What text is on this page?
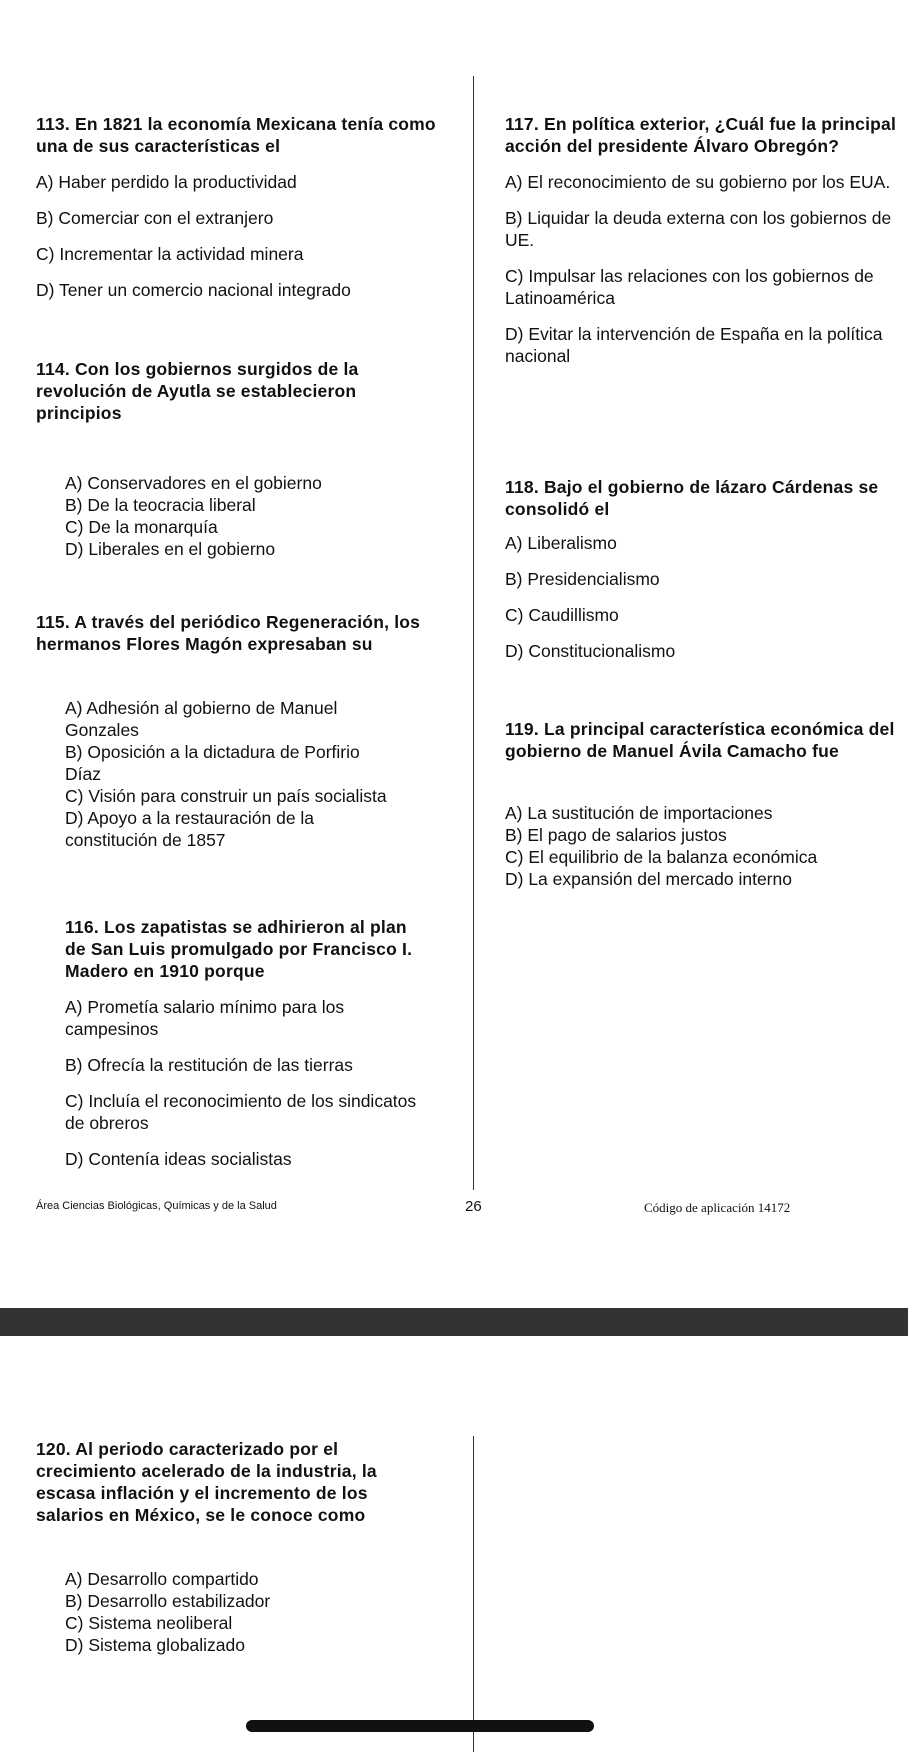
113. En 1821 la economía Mexicana tenía como una de sus características el

A) Haber perdido la productividad

B) Comerciar con el extranjero

C) Incrementar la actividad minera

D) Tener un comercio nacional integrado

114. Con los gobiernos surgidos de la revolución de Ayutla se establecieron principios

A) Conservadores en el gobierno

B) De la teocracia liberal

C) De la monarquía

D) Liberales en el gobierno

115. A través del periódico Regeneración, los hermanos Flores Magón expresaban su

A) Adhesión al gobierno de Manuel Gonzales

B) Oposición a la dictadura de Porfirio Díaz

C) Visión para construir un país socialista

D) Apoyo a la restauración de la constitución de 1857

116. Los zapatistas se adhirieron al plan de San Luis promulgado por Francisco I. Madero en 1910 porque

A) Prometía salario mínimo para los campesinos

B) Ofrecía la restitución de las tierras

C) Incluía el reconocimiento de los sindicatos de obreros

D) Contenía ideas socialistas

117. En política exterior, ¿Cuál fue la principal acción del presidente Álvaro Obregón?

A) El reconocimiento de su gobierno por los EUA.

B) Liquidar la deuda externa con los gobiernos de UE.

C) Impulsar las relaciones con los gobiernos de Latinoamérica

D) Evitar la intervención de España en la política nacional

118. Bajo el gobierno de lázaro Cárdenas se consolidó el

A) Liberalismo

B) Presidencialismo

C) Caudillismo

D) Constitucionalismo

119. La principal característica económica del gobierno de Manuel Ávila Camacho fue

A) La sustitución de importaciones

B) El pago de salarios justos

C) El equilibrio de la balanza económica

D) La expansión del mercado interno

Área Ciencias Biológicas, Químicas y de la Salud	26	Código de aplicación 14172

120. Al periodo caracterizado por el crecimiento acelerado de la industria, la escasa inflación y el incremento de los salarios en México, se le conoce como

A) Desarrollo compartido

B) Desarrollo estabilizador

C) Sistema neoliberal

D) Sistema globalizado
